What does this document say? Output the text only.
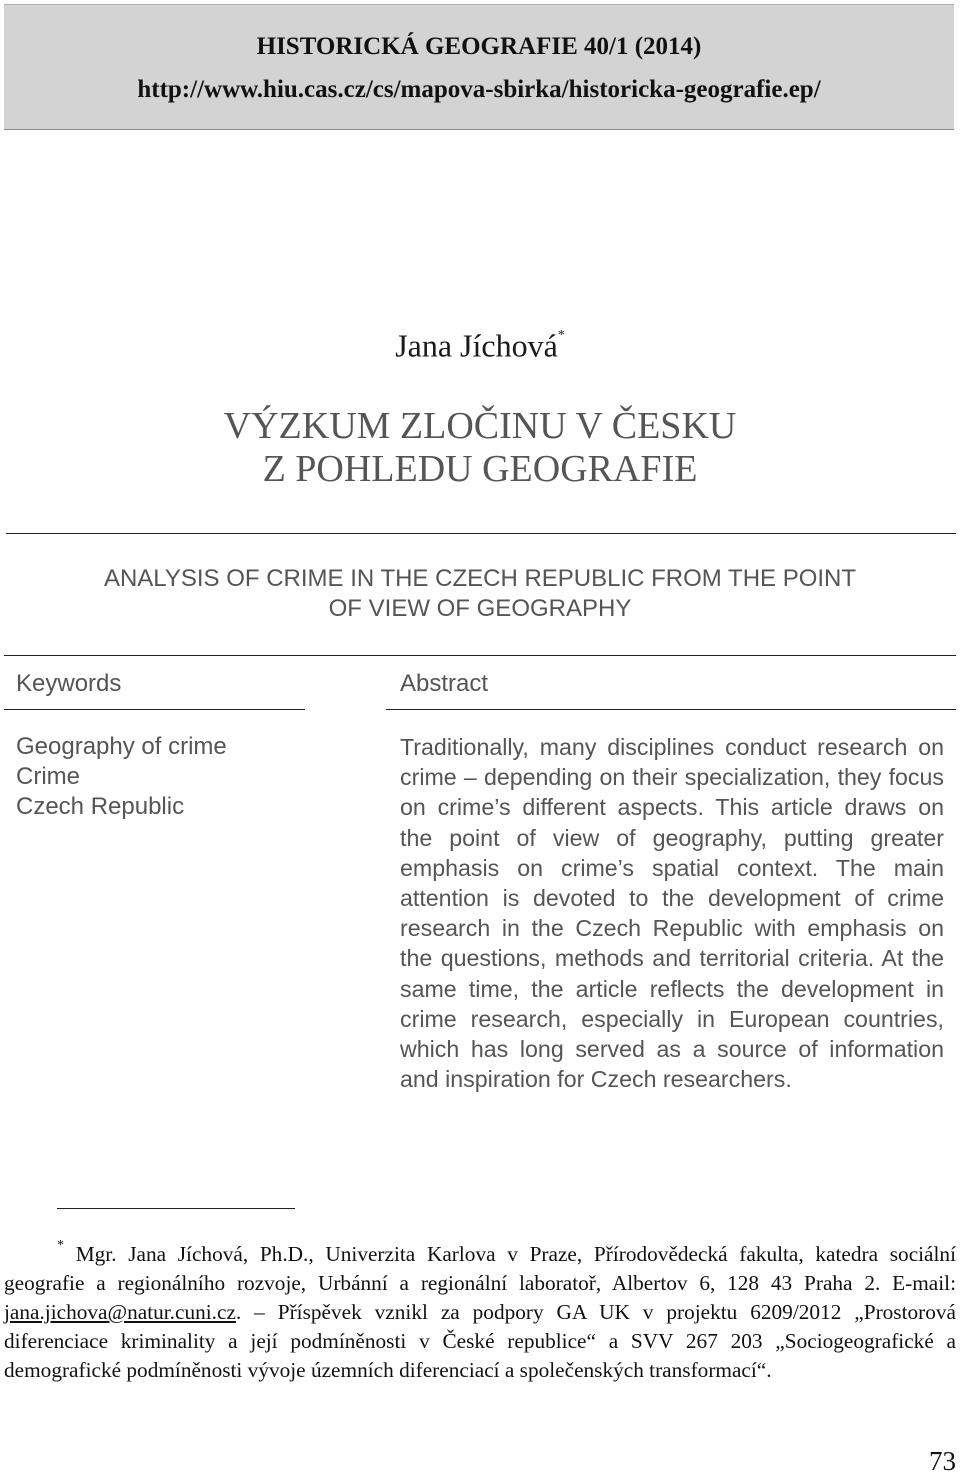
HISTORICKÁ GEOGRAFIE 40/1 (2014)
http://www.hiu.cas.cz/cs/mapova-sbirka/historicka-geografie.ep/
Jana Jíchová*
VÝZKUM ZLOČINU V ČESKU
Z POHLEDU GEOGRAFIE
ANALYSIS OF CRIME IN THE CZECH REPUBLIC FROM THE POINT
OF VIEW OF GEOGRAPHY
Keywords	Abstract
Geography of crime
Crime
Czech Republic
Traditionally, many disciplines conduct research on crime – depending on their specialization, they focus on crime’s different aspects. This article draws on the point of view of geography, putting greater emphasis on crime’s spatial context. The main attention is devoted to the development of crime research in the Czech Republic with emphasis on the questions, methods and territorial criteria. At the same time, the article reflects the development in crime research, especially in European countries, which has long served as a source of information and inspiration for Czech researchers.
* Mgr. Jana Jíchová, Ph.D., Univerzita Karlova v Praze, Přírodovědecká fakulta, katedra sociální geografie a regionálního rozvoje, Urbánní a regionální laboratoř, Albertov 6, 128 43 Praha 2. E-mail: jana.jichova@natur.cuni.cz. – Příspěvek vznikl za podpory GA UK v projektu 6209/2012 „Prostorová diferenciace kriminality a její podmíněnosti v České republice“ a SVV 267 203 „Sociogeografické a demografické podmíněnosti vývoje územních diferenciací a společenských transformací“.
73
